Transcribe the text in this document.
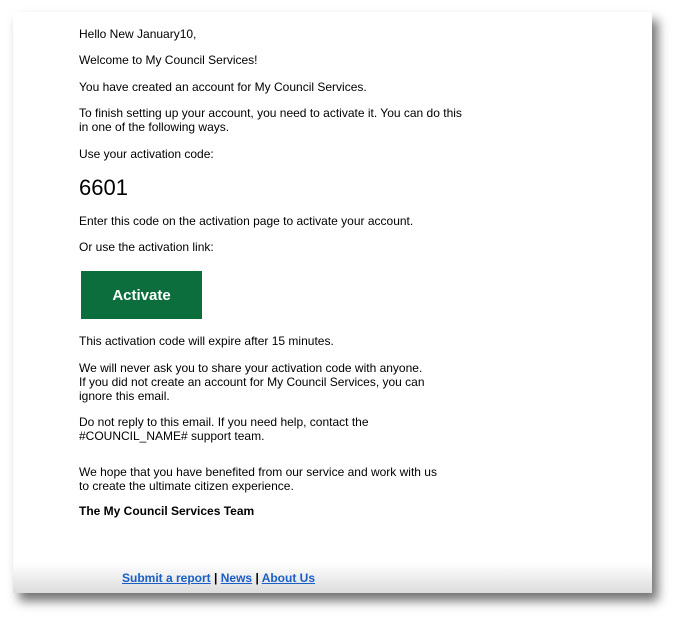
Hello New January10,

Welcome to My Council Services!

You have created an account for My Council Services.

To finish setting up your account, you need to activate it. You can do this in one of the following ways.

Use your activation code:

6601

Enter this code on the activation page to activate your account.

Or use the activation link:

Activate

This activation code will expire after 15 minutes.

We will never ask you to share your activation code with anyone.

If you did not create an account for My Council Services, you can ignore this email.

Do not reply to this email. If you need help, contact the #COUNCIL_NAME# support team.

We hope that you have benefited from our service and work with us to create the ultimate citizen experience.

The My Council Services Team

Submit a report | News | About Us
